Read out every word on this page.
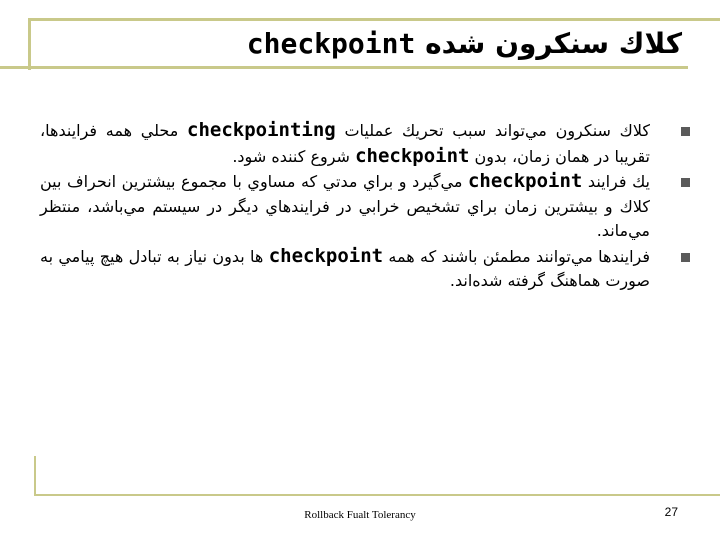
كلاك سنكرون شده checkpoint
كلاك سنكرون مي‌تواند سبب تحريك عمليات checkpointing محلي همه فرايندها، تقريبا در همان زمان، بدون checkpoint شروع كننده شود.
يك فرايند checkpoint مي‌گيرد و براي مدتي كه مساوي با مجموع بيشترين انحراف بين كلاك و بيشترين زمان براي تشخيص خرابي در فرايندهاي ديگر در سيستم مي‌باشد، منتظر مي‌ماند.
فرايندها مي‌توانند مطمئن باشند كه همه checkpoint ها بدون نياز به تبادل هيچ پيامي به صورت هماهنگ گرفته شده‌اند.
Rollback Fualt Tolerancy	27
